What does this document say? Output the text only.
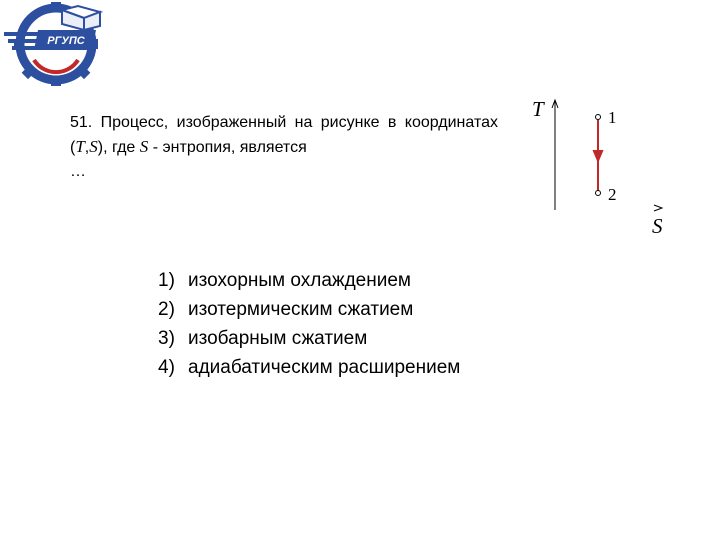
РГУПС
51. Процесс, изображенный на рисунке в координатах (T,S), где S - энтропия, является
…
T
S
1
2
1) изохорным охлаждением
2) изотермическим сжатием
3) изобарным сжатием
4) адиабатическим расширением
